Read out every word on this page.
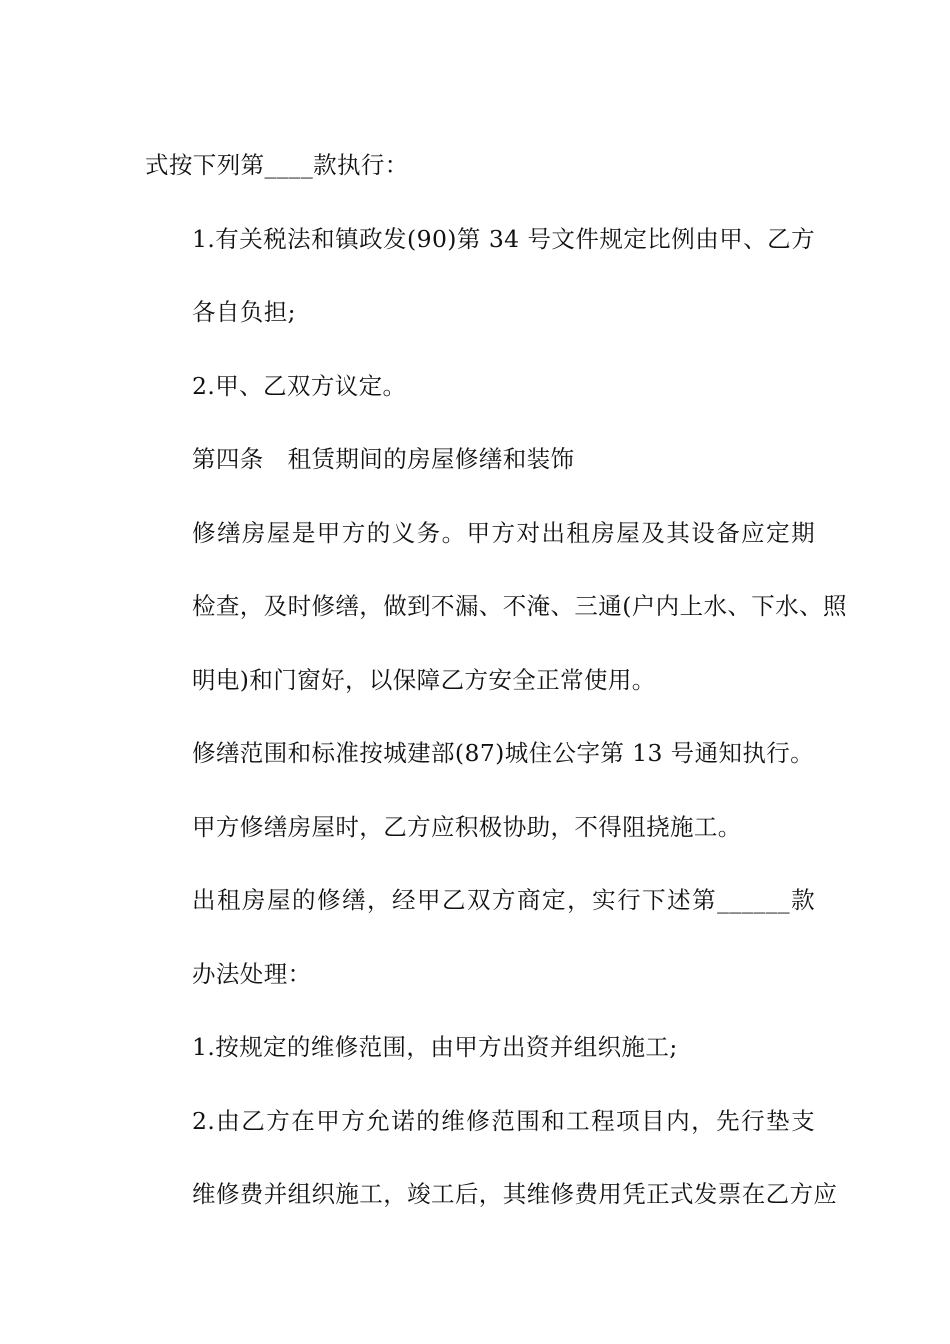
式按下列第____款执行：

1.有关税法和镇政发(90)第 34 号文件规定比例由甲、乙方
各自负担;

2.甲、乙双方议定。

第四条　租赁期间的房屋修缮和装饰

修缮房屋是甲方的义务。甲方对出租房屋及其设备应定期
检查，及时修缮，做到不漏、不淹、三通(户内上水、下水、照
明电)和门窗好，以保障乙方安全正常使用。

修缮范围和标准按城建部(87)城住公字第 13 号通知执行。

甲方修缮房屋时，乙方应积极协助，不得阻挠施工。

出租房屋的修缮，经甲乙双方商定，实行下述第______款
办法处理：

1.按规定的维修范围，由甲方出资并组织施工;

2.由乙方在甲方允诺的维修范围和工程项目内，先行垫支
维修费并组织施工，竣工后，其维修费用凭正式发票在乙方应
